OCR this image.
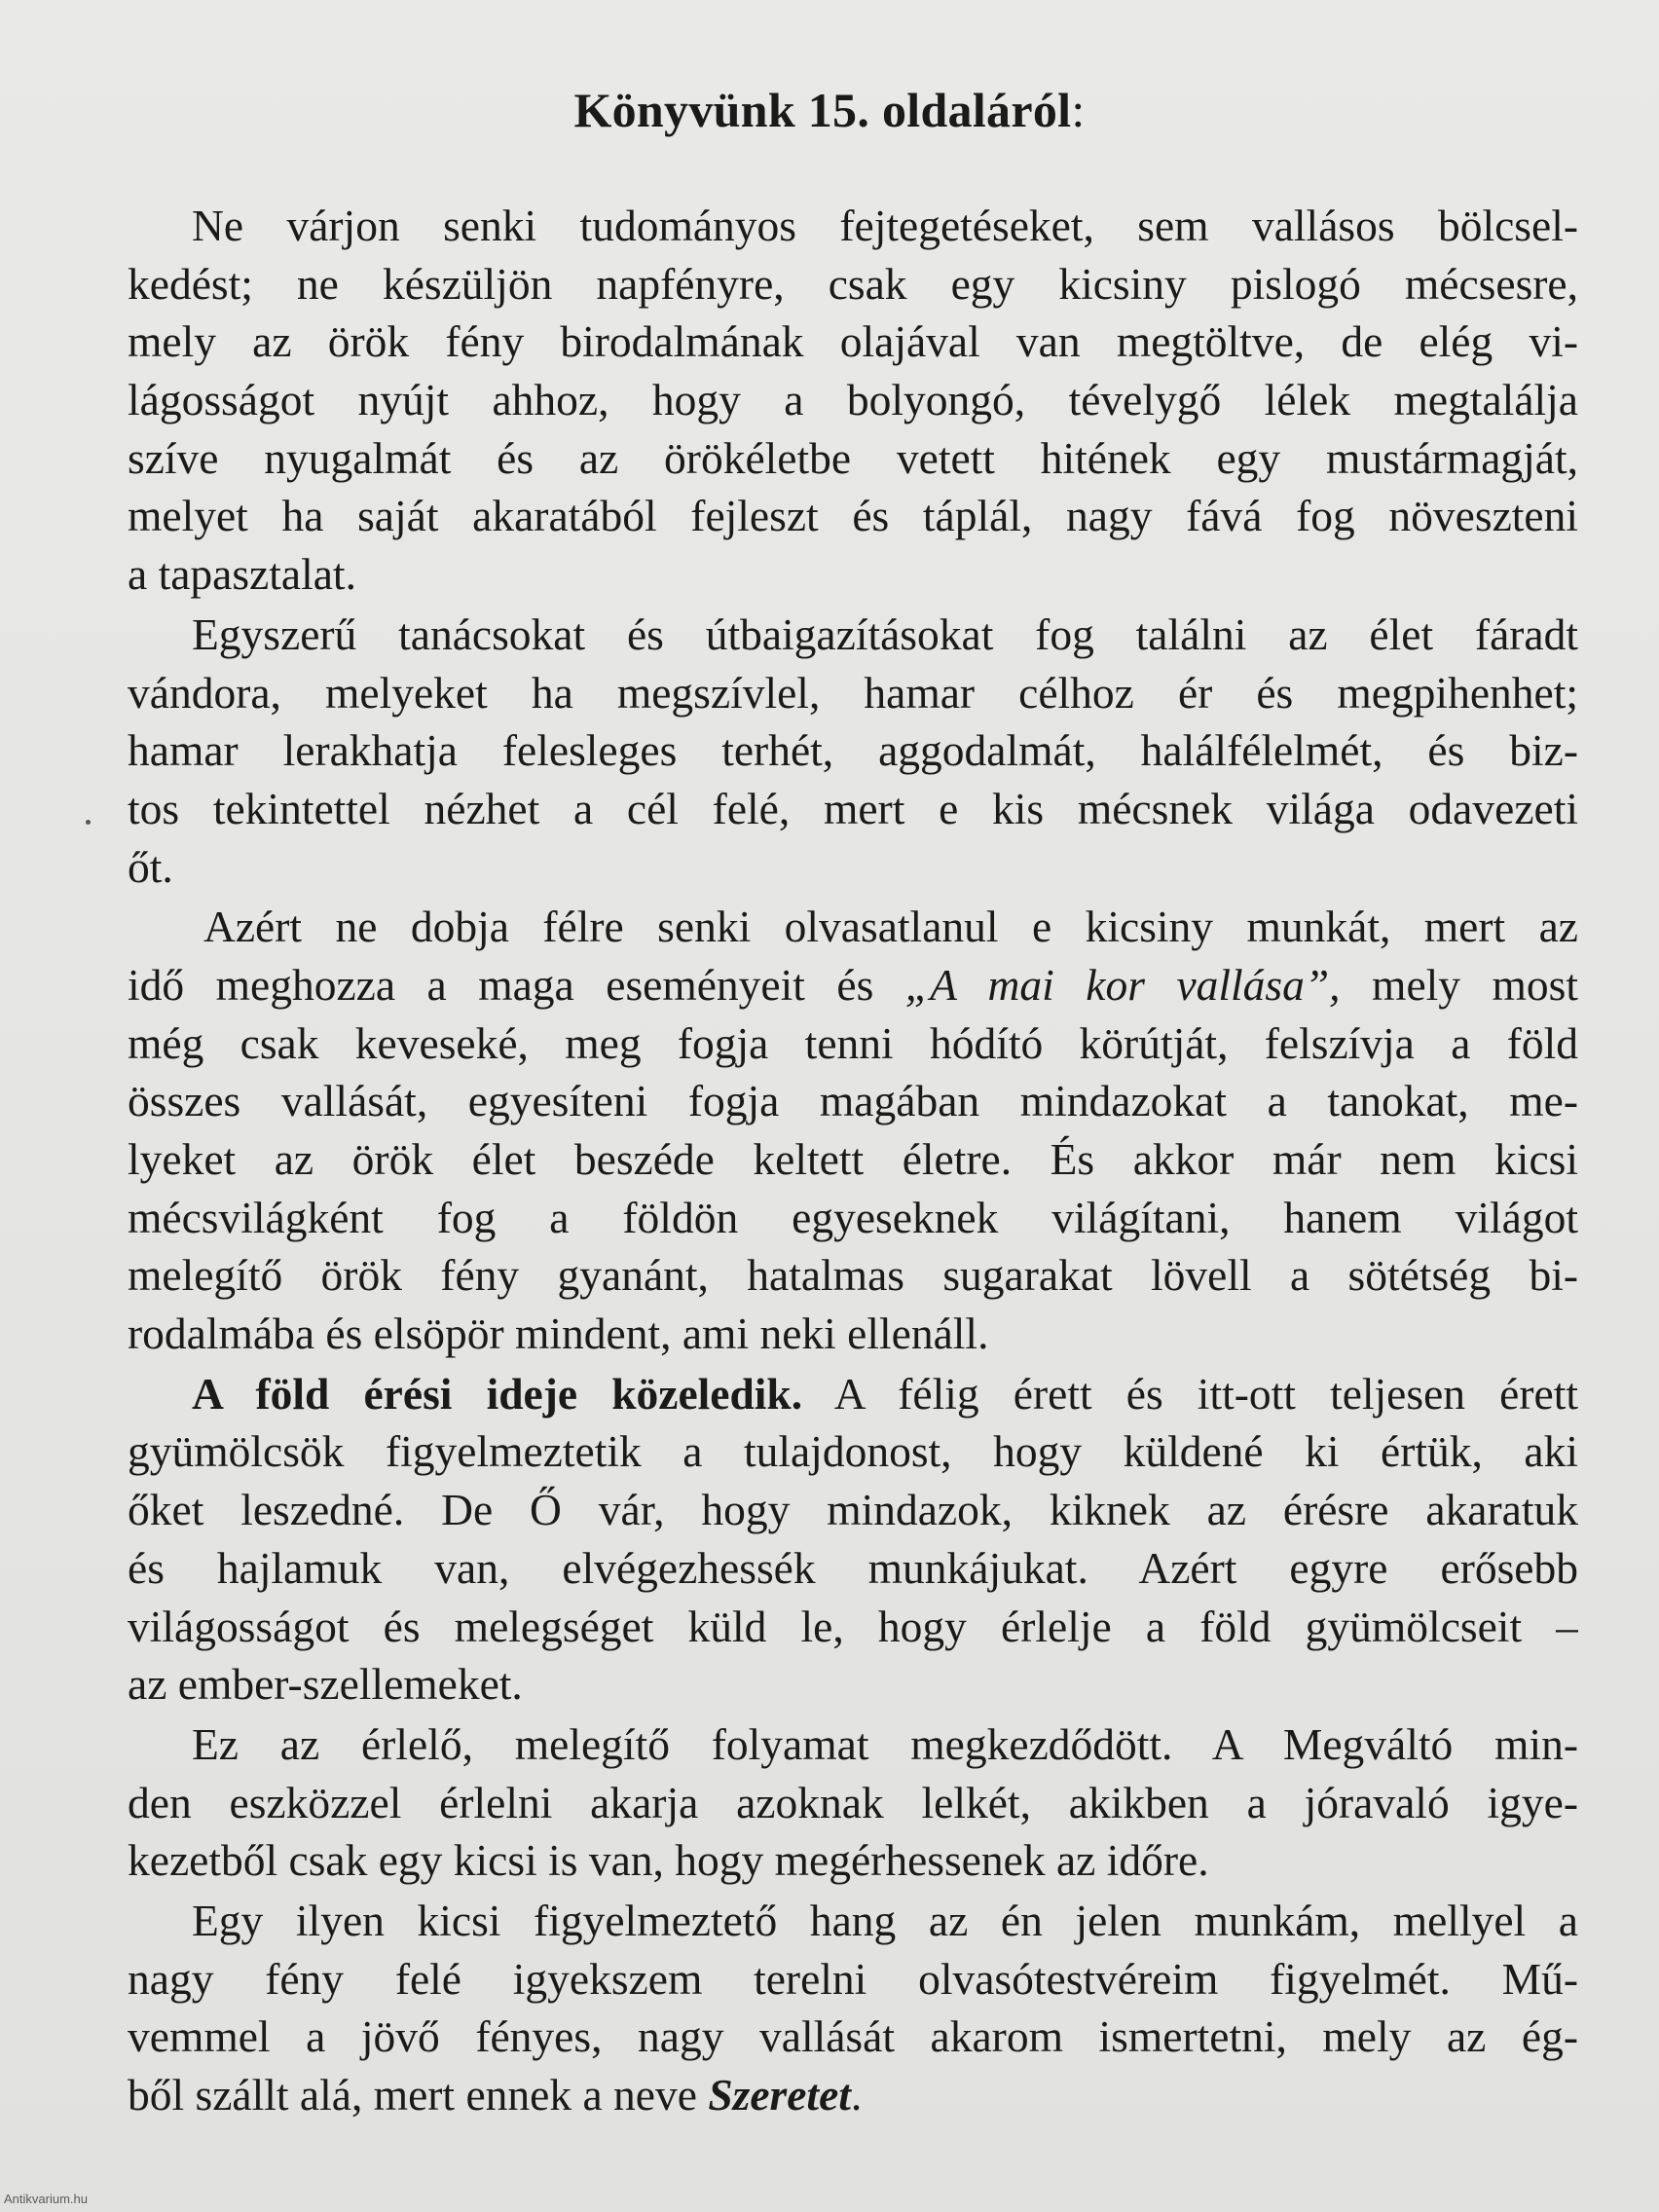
Könyvünk 15. oldaláról:
Ne várjon senki tudományos fejtegetéseket, sem vallásos bölcsel-
kedést; ne készüljön napfényre, csak egy kicsiny pislogó mécsesre,
mely az örök fény birodalmának olajával van megtöltve, de elég vi-
lágosságot nyújt ahhoz, hogy a bolyongó, tévelygő lélek megtalálja
szíve nyugalmát és az örökéletbe vetett hitének egy mustármagját,
melyet ha saját akaratából fejleszt és táplál, nagy fává fog növeszteni
a tapasztalat.
Egyszerű tanácsokat és útbaigazításokat fog találni az élet fáradt
vándora, melyeket ha megszívlel, hamar célhoz ér és megpihenhet;
hamar lerakhatja felesleges terhét, aggodalmát, halálfélelmét, és biz-
tos tekintettel nézhet a cél felé, mert e kis mécsnek világa odavezeti
őt.
Azért ne dobja félre senki olvasatlanul e kicsiny munkát, mert az
idő meghozza a maga eseményeit és „A mai kor vallása”, mely most
még csak keveseké, meg fogja tenni hódító körútját, felszívja a föld
összes vallását, egyesíteni fogja magában mindazokat a tanokat, me-
lyeket az örök élet beszéde keltett életre. És akkor már nem kicsi
mécsvilágként fog a földön egyeseknek világítani, hanem világot
melegítő örök fény gyanánt, hatalmas sugarakat lövell a sötétség bi-
rodalmába és elsöpör mindent, ami neki ellenáll.
A föld érési ideje közeledik. A félig érett és itt-ott teljesen érett
gyümölcsök figyelmeztetik a tulajdonost, hogy küldené ki értük, aki
őket leszedné. De Ő vár, hogy mindazok, kiknek az érésre akaratuk
és hajlamuk van, elvégezhessék munkájukat. Azért egyre erősebb
világosságot és melegséget küld le, hogy érlelje a föld gyümölcseit –
az ember-szellemeket.
Ez az érlelő, melegítő folyamat megkezdődött. A Megváltó min-
den eszközzel érlelni akarja azoknak lelkét, akikben a jóravaló igye-
kezetből csak egy kicsi is van, hogy megérhessenek az időre.
Egy ilyen kicsi figyelmeztető hang az én jelen munkám, mellyel a
nagy fény felé igyekszem terelni olvasótestvéreim figyelmét. Mű-
vemmel a jövő fényes, nagy vallását akarom ismertetni, mely az ég-
ből szállt alá, mert ennek a neve Szeretet.
Antikvarium.hu
